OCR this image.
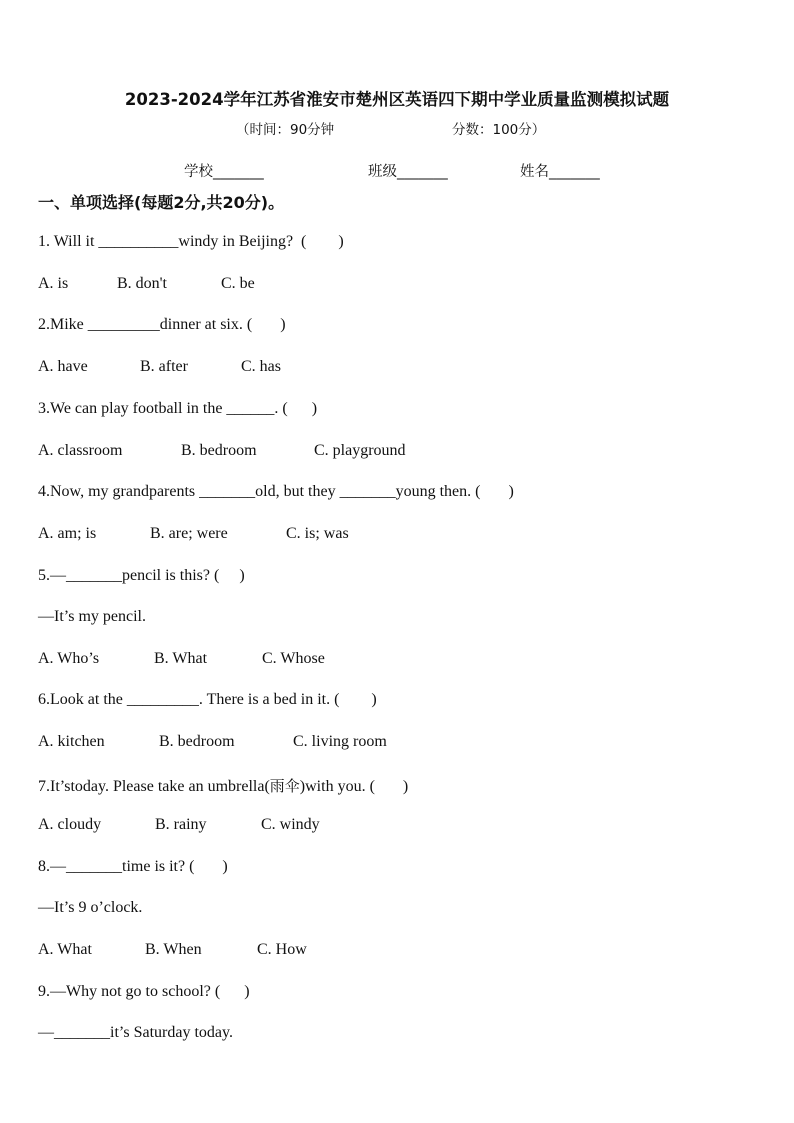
2023-2024学年江苏省淮安市楚州区英语四下期中学业质量监测模拟试题
（时间：90分钟	分数：100分）
学校_______	班级_______	姓名_______
一、单项选择(每题2分,共20分)。
1. Will it __________windy in Beijing?  (        )
A. is	B. don't	C. be
2.Mike _________dinner at six. (       )
A. have	B. after	C. has
3.We can play football in the ______. (      )
A. classroom	B. bedroom	C. playground
4.Now, my grandparents _______old, but they _______young then. (       )
A. am; is	B. are; were	C. is; was
5.—_______pencil is this? (     )
—It’s my pencil.
A. Who’s	B. What	C. Whose
6.Look at the _________. There is a bed in it. (        )
A. kitchen	B. bedroom	C. living room
7.It’stoday. Please take an umbrella(雨伞)with you. (       )
A. cloudy	B. rainy	C. windy
8.—_______time is it? (       )
—It’s 9 o’clock.
A. What	B. When	C. How
9.—Why not go to school? (      )
—_______it’s Saturday today.
